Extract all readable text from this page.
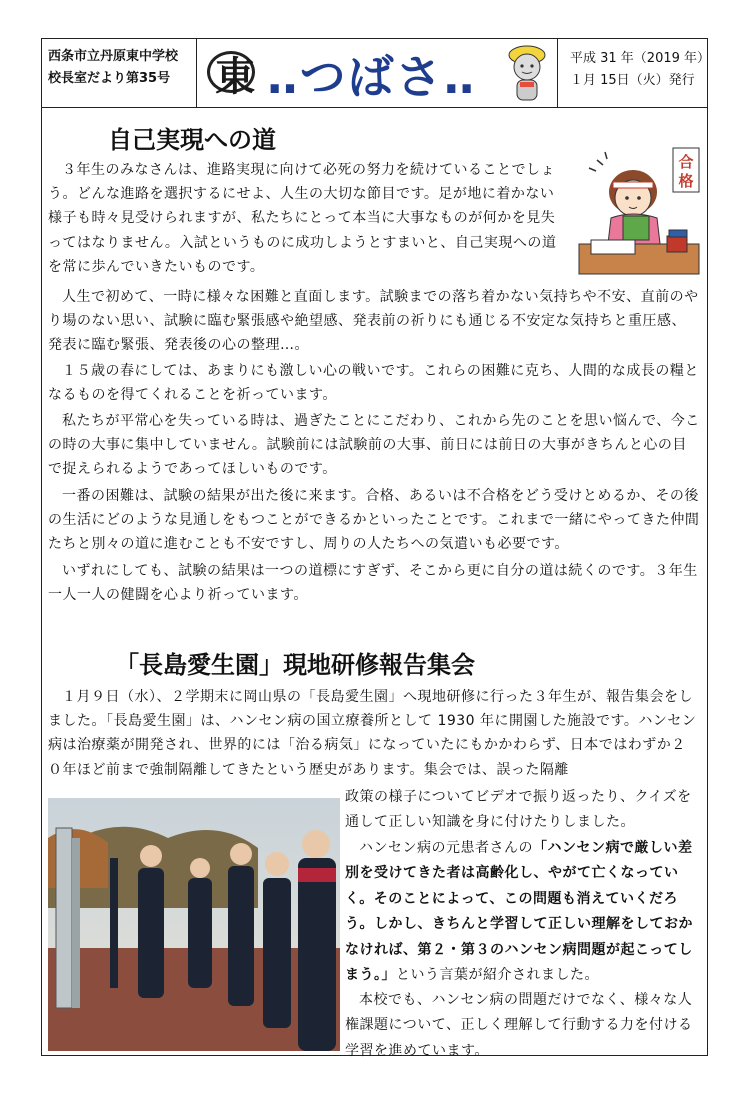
西条市立丹原東中学校
校長室だより第35号	東 ‥つばさ‥	平成 31 年（2019 年）
１月 15日（火）発行
自己実現への道
合
格
３年生のみなさんは、進路実現に向けて必死の努力を続けていることでしょう。どんな進路を選択するにせよ、人生の大切な節目です。足が地に着かない様子も時々見受けられますが、私たちにとって本当に大事なものが何かを見失ってはなりません。入試というものに成功しようとすまいと、自己実現への道を常に歩んでいきたいものです。
人生で初めて、一時に様々な困難と直面します。試験までの落ち着かない気持ちや不安、直前のやり場のない思い、試験に臨む緊張感や絶望感、発表前の祈りにも通じる不安定な気持ちと重圧感、発表に臨む緊張、発表後の心の整理…。
１５歳の春にしては、あまりにも激しい心の戦いです。これらの困難に克ち、人間的な成長の糧となるものを得てくれることを祈っています。
私たちが平常心を失っている時は、過ぎたことにこだわり、これから先のことを思い悩んで、今この時の大事に集中していません。試験前には試験前の大事、前日には前日の大事がきちんと心の目で捉えられるようであってほしいものです。
一番の困難は、試験の結果が出た後に来ます。合格、あるいは不合格をどう受けとめるか、その後の生活にどのような見通しをもつことができるかといったことです。これまで一緒にやってきた仲間たちと別々の道に進むことも不安ですし、周りの人たちへの気遣いも必要です。
いずれにしても、試験の結果は一つの道標にすぎず、そこから更に自分の道は続くのです。３年生一人一人の健闘を心より祈っています。
「長島愛生園」現地研修報告集会
１月９日（水）、２学期末に岡山県の「長島愛生園」へ現地研修に行った３年生が、報告集会をしました。「長島愛生園」は、ハンセン病の国立療養所として 1930 年に開園した施設です。ハンセン病は治療薬が開発され、世界的には「治る病気」になっていたにもかかわらず、日本ではわずか２０年ほど前まで強制隔離してきたという歴史があります。集会では、誤った隔離
政策の様子についてビデオで振り返ったり、クイズを通して正しい知識を身に付けたりしました。
ハンセン病の元患者さんの「ハンセン病で厳しい差別を受けてきた者は高齢化し、やがて亡くなっていく。そのことによって、この問題も消えていくだろう。しかし、きちんと学習して正しい理解をしておかなければ、第２・第３のハンセン病問題が起こってしまう。」という言葉が紹介されました。
本校でも、ハンセン病の問題だけでなく、様々な人権課題について、正しく理解して行動する力を付ける学習を進めています。
